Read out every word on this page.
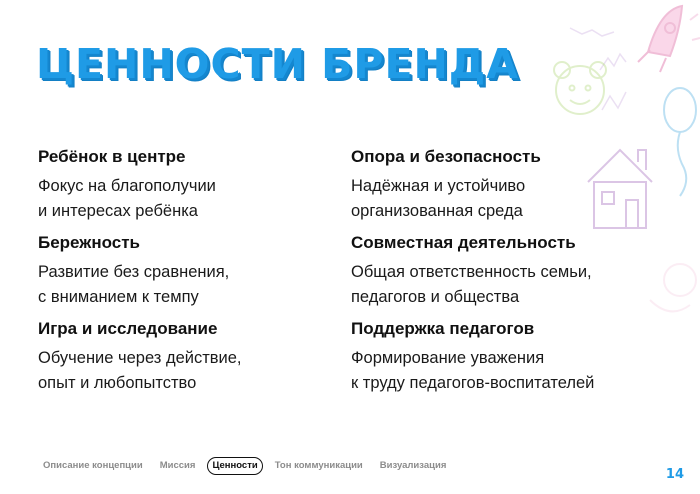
ЦЕННОСТИ БРЕНДА
Ребёнок в центре
Фокус на благополучии
и интересах ребёнка
Опора и безопасность
Надёжная и устойчиво
организованная среда
Бережность
Развитие без сравнения,
с вниманием к темпу
Совместная деятельность
Общая ответственность семьи,
педагогов и общества
Игра и исследование
Обучение через действие,
опыт и любопытство
Поддержка педагогов
Формирование уважения
к труду педагогов-воспитателей
Описание концепции	Миссия	Ценности	Тон коммуникации	Визуализация
14
